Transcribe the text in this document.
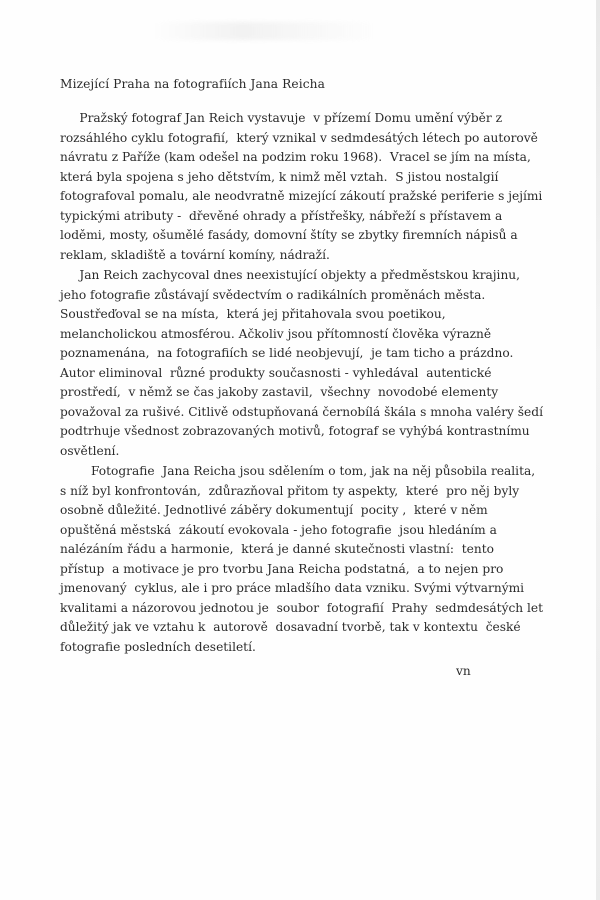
Mizející Praha na fotografiích Jana Reicha
Pražský fotograf Jan Reich vystavuje  v přízemí Domu umění výběr z
rozsáhlého cyklu fotografií,  který vznikal v sedmdesátých létech po autorově
návratu z Paříže (kam odešel na podzim roku 1968).  Vracel se jím na místa,
která byla spojena s jeho dětstvím, k nimž měl vztah.  S jistou nostalgií
fotografoval pomalu, ale neodvratně mizející zákoutí pražské periferie s jejími
typickými atributy -  dřevěné ohrady a přístřešky, nábřeží s přístavem a
loděmi, mosty, ošumělé fasády, domovní štíty se zbytky firemních nápisů a
reklam, skladiště a tovární komíny, nádraží.
Jan Reich zachycoval dnes neexistující objekty a předměstskou krajinu,
jeho fotografie zůstávají svědectvím o radikálních proměnách města.
Soustřeďoval se na místa,  která jej přitahovala svou poetikou,
melancholickou atmosférou. Ačkoliv jsou přítomností člověka výrazně
poznamenána,  na fotografiích se lidé neobjevují,  je tam ticho a prázdno.
Autor eliminoval  různé produkty současnosti - vyhledával  autentické
prostředí,  v němž se čas jakoby zastavil,  všechny  novodobé elementy
považoval za rušivé. Citlivě odstupňovaná černobílá škála s mnoha valéry šedí
podtrhuje všednost zobrazovaných motivů, fotograf se vyhýbá kontrastnímu
osvětlení.
Fotografie  Jana Reicha jsou sdělením o tom, jak na něj působila realita,
s níž byl konfrontován,  zdůrazňoval přitom ty aspekty,  které  pro něj byly
osobně důležité. Jednotlivé záběry dokumentují  pocity ,  které v něm
opuštěná městská  zákoutí evokovala - jeho fotografie  jsou hledáním a
nalézáním řádu a harmonie,  která je danné skutečnosti vlastní:  tento
přístup  a motivace je pro tvorbu Jana Reicha podstatná,  a to nejen pro
jmenovaný  cyklus, ale i pro práce mladšího data vzniku. Svými výtvarnými
kvalitami a názorovou jednotou je  soubor  fotografií  Prahy  sedmdesátých let
důležitý jak ve vztahu k  autorově  dosavadní tvorbě, tak v kontextu  české
fotografie posledních desetiletí.
vn
